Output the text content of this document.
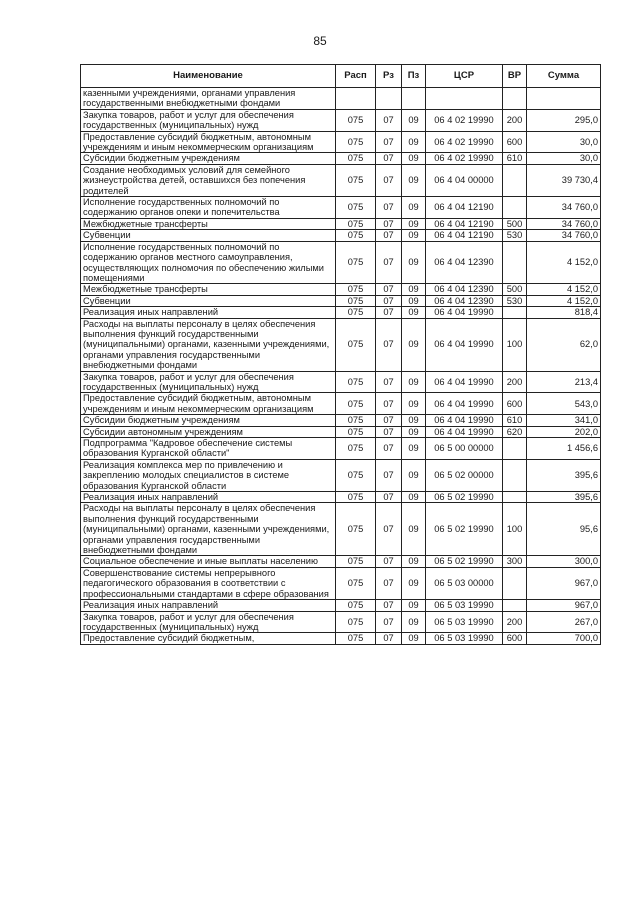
85
Наименование	Расп	Рз	Пз	ЦСР	ВР	Сумма
казенными учреждениями, органами управления государственными внебюджетными фондами						
Закупка товаров, работ и услуг для обеспечения государственных (муниципальных) нужд	075	07	09	06 4 02 19990	200	295,0
Предоставление субсидий бюджетным, автономным учреждениям и иным некоммерческим организациям	075	07	09	06 4 02 19990	600	30,0
Субсидии бюджетным учреждениям	075	07	09	06 4 02 19990	610	30,0
Создание необходимых условий для семейного жизнеустройства детей, оставшихся без попечения родителей	075	07	09	06 4 04 00000		39 730,4
Исполнение государственных полномочий по содержанию органов опеки и попечительства	075	07	09	06 4 04 12190		34 760,0
Межбюджетные трансферты	075	07	09	06 4 04 12190	500	34 760,0
Субвенции	075	07	09	06 4 04 12190	530	34 760,0
Исполнение государственных полномочий по содержанию органов местного самоуправления, осуществляющих полномочия по обеспечению жилыми помещениями	075	07	09	06 4 04 12390		4 152,0
Межбюджетные трансферты	075	07	09	06 4 04 12390	500	4 152,0
Субвенции	075	07	09	06 4 04 12390	530	4 152,0
Реализация иных направлений	075	07	09	06 4 04 19990		818,4
Расходы на выплаты персоналу в целях обеспечения выполнения функций государственными (муниципальными) органами, казенными учреждениями, органами управления государственными внебюджетными фондами	075	07	09	06 4 04 19990	100	62,0
Закупка товаров, работ и услуг для обеспечения государственных (муниципальных) нужд	075	07	09	06 4 04 19990	200	213,4
Предоставление субсидий бюджетным, автономным учреждениям и иным некоммерческим организациям	075	07	09	06 4 04 19990	600	543,0
Субсидии бюджетным учреждениям	075	07	09	06 4 04 19990	610	341,0
Субсидии автономным учреждениям	075	07	09	06 4 04 19990	620	202,0
Подпрограмма "Кадровое обеспечение системы образования Курганской области"	075	07	09	06 5 00 00000		1 456,6
Реализация комплекса мер по привлечению и закреплению молодых специалистов в системе образования Курганской области	075	07	09	06 5 02 00000		395,6
Реализация иных направлений	075	07	09	06 5 02 19990		395,6
Расходы на выплаты персоналу в целях обеспечения выполнения функций государственными (муниципальными) органами, казенными учреждениями, органами управления государственными внебюджетными фондами	075	07	09	06 5 02 19990	100	95,6
Социальное обеспечение и иные выплаты населению	075	07	09	06 5 02 19990	300	300,0
Совершенствование системы непрерывного педагогического образования в соответствии с профессиональными стандартами в сфере образования	075	07	09	06 5 03 00000		967,0
Реализация иных направлений	075	07	09	06 5 03 19990		967,0
Закупка товаров, работ и услуг для обеспечения государственных (муниципальных) нужд	075	07	09	06 5 03 19990	200	267,0
Предоставление субсидий бюджетным,	075	07	09	06 5 03 19990	600	700,0
